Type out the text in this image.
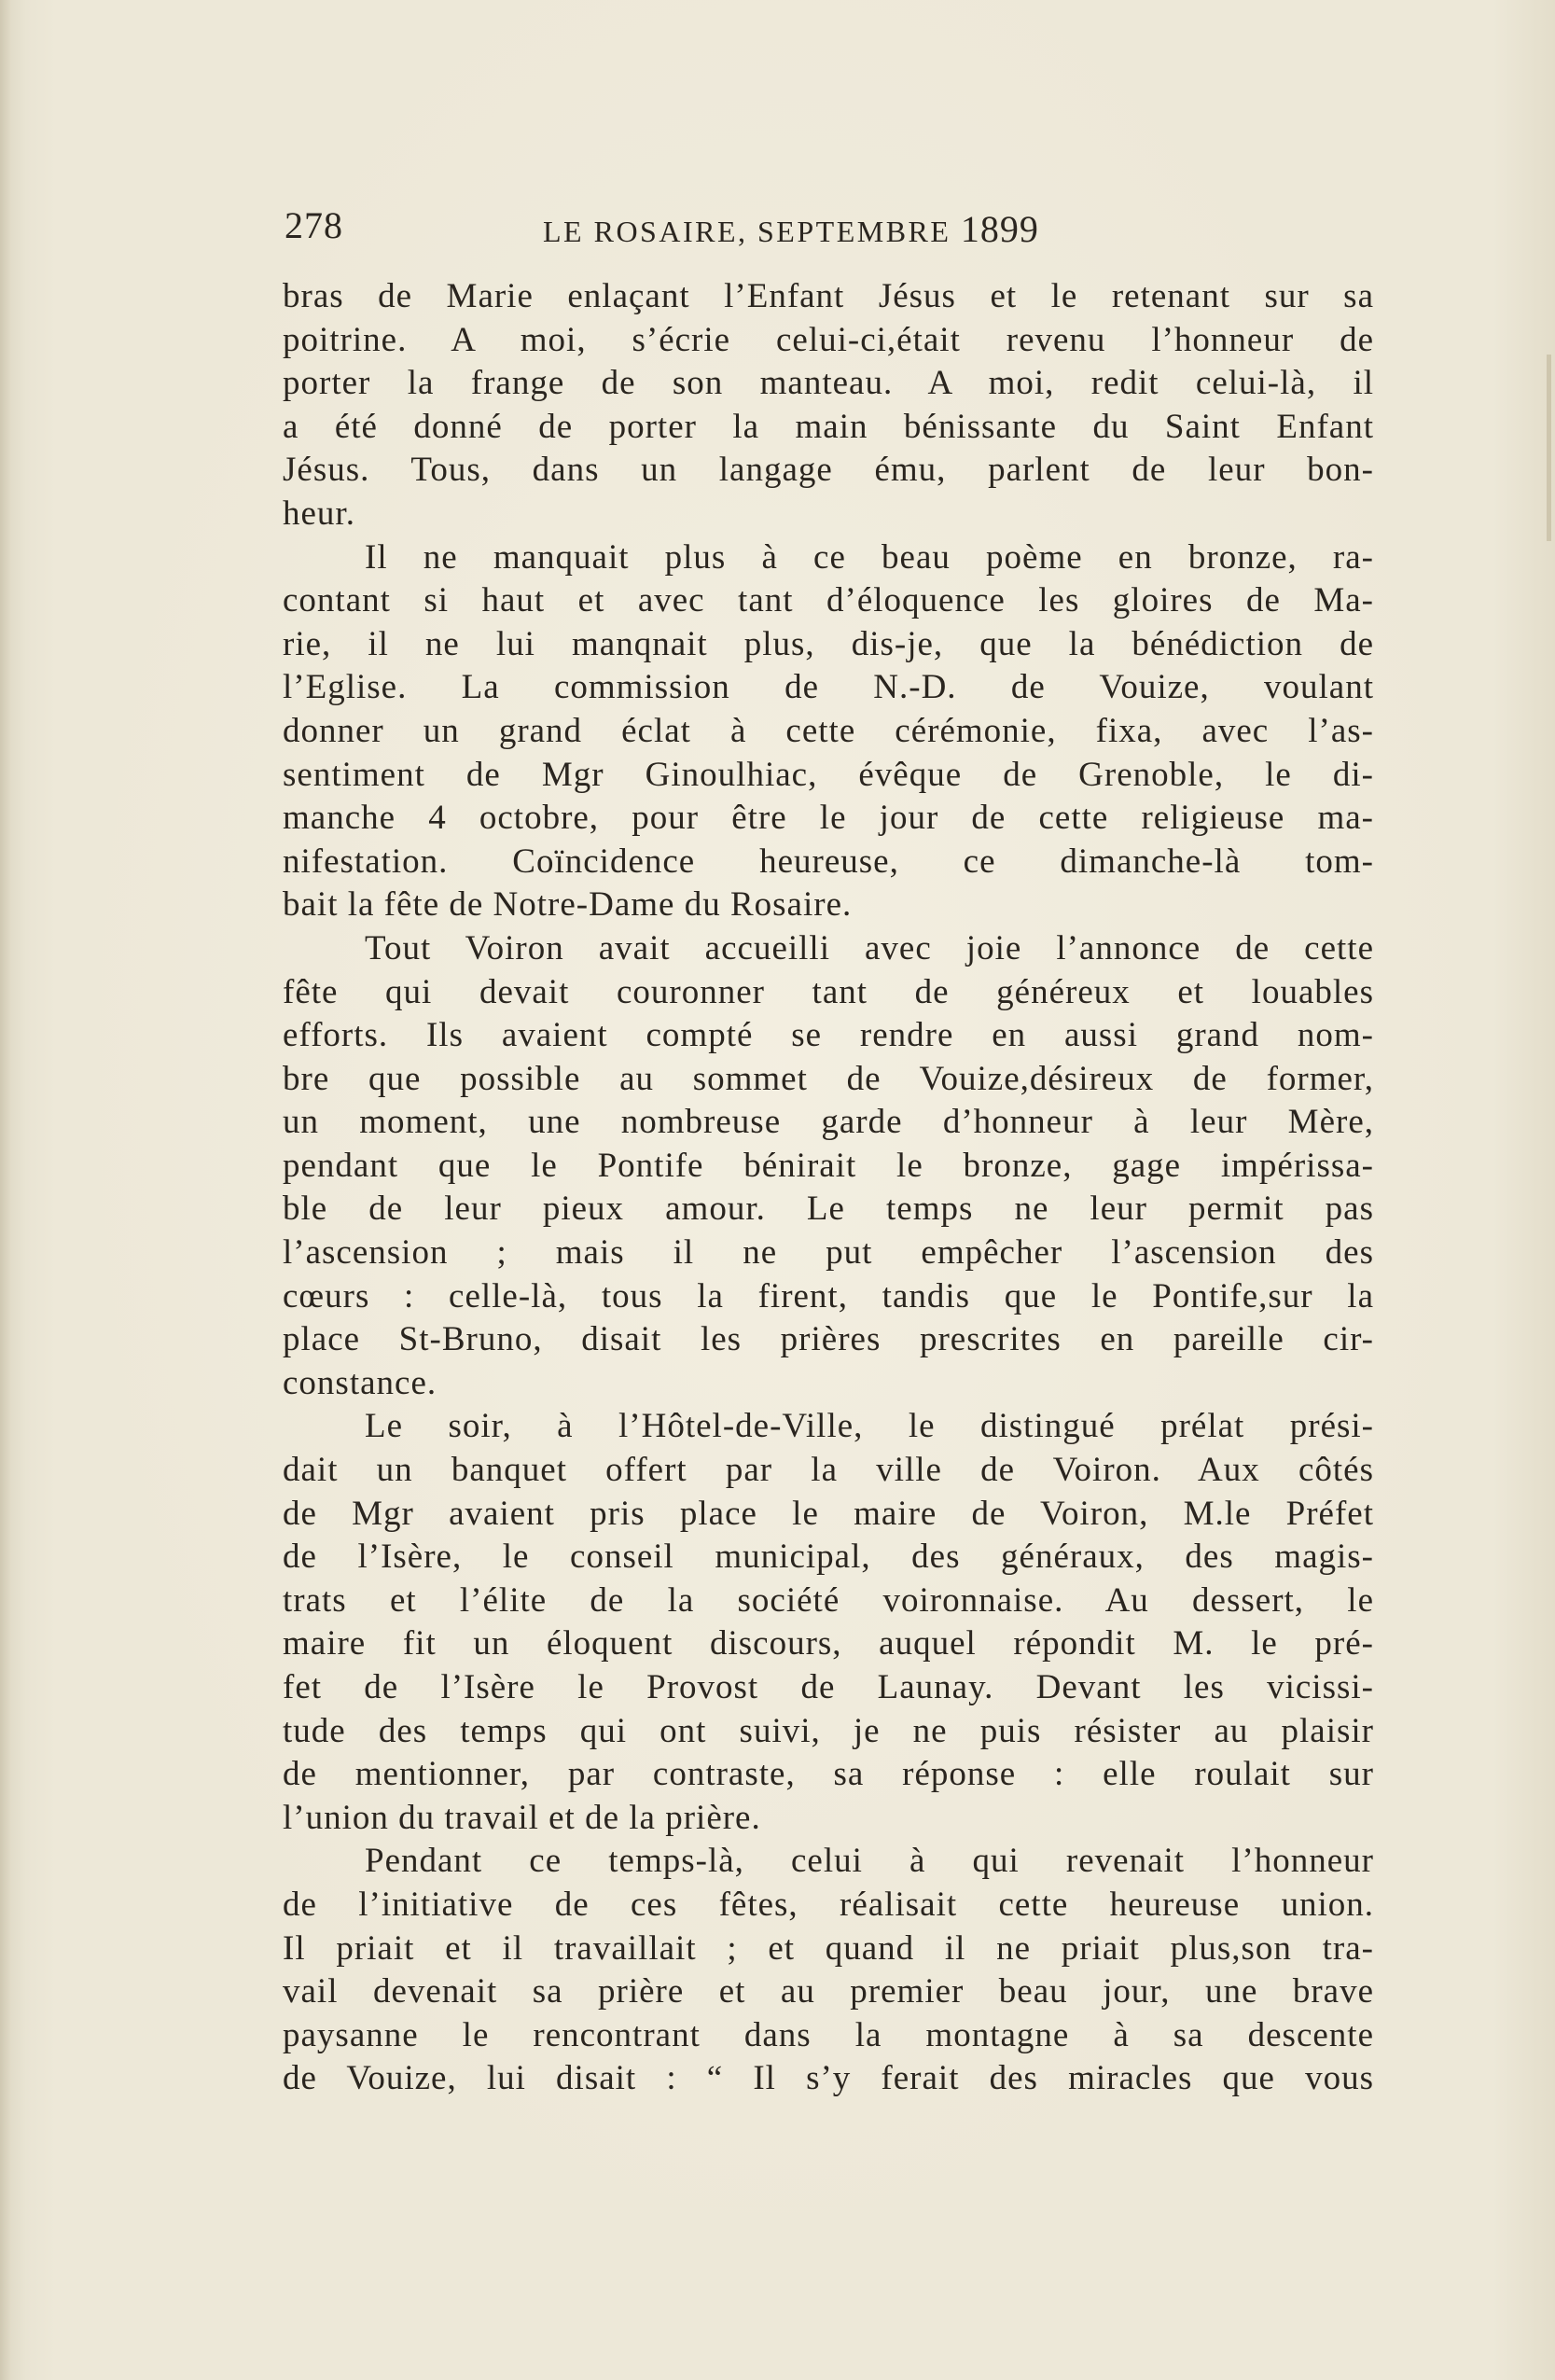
278	LE ROSAIRE, SEPTEMBRE 1899
bras de Marie enlaçant l’Enfant Jésus et le retenant sur sa
poitrine. A moi, s’écrie celui-ci,était revenu l’honneur de
porter la frange de son manteau. A moi, redit celui-là, il
a été donné de porter la main bénissante du Saint Enfant
Jésus. Tous, dans un langage ému, parlent de leur bon-
heur.
Il ne manquait plus à ce beau poème en bronze, ra-
contant si haut et avec tant d’éloquence les gloires de Ma-
rie, il ne lui manqnait plus, dis-je, que la bénédiction de
l’Eglise. La commission de N.-D. de Vouize, voulant
donner un grand éclat à cette cérémonie, fixa, avec l’as-
sentiment de Mgr Ginoulhiac, évêque de Grenoble, le di-
manche 4 octobre, pour être le jour de cette religieuse ma-
nifestation. Coïncidence heureuse, ce dimanche-là tom-
bait la fête de Notre-Dame du Rosaire.
Tout Voiron avait accueilli avec joie l’annonce de cette
fête qui devait couronner tant de généreux et louables
efforts. Ils avaient compté se rendre en aussi grand nom-
bre que possible au sommet de Vouize,désireux de former,
un moment, une nombreuse garde d’honneur à leur Mère,
pendant que le Pontife bénirait le bronze, gage impérissa-
ble de leur pieux amour. Le temps ne leur permit pas
l’ascension ; mais il ne put empêcher l’ascension des
cœurs : celle-là, tous la firent, tandis que le Pontife,sur la
place St-Bruno, disait les prières prescrites en pareille cir-
constance.
Le soir, à l’Hôtel-de-Ville, le distingué prélat prési-
dait un banquet offert par la ville de Voiron. Aux côtés
de Mgr avaient pris place le maire de Voiron, M.le Préfet
de l’Isère, le conseil municipal, des généraux, des magis-
trats et l’élite de la société voironnaise. Au dessert, le
maire fit un éloquent discours, auquel répondit M. le pré-
fet de l’Isère le Provost de Launay. Devant les vicissi-
tude des temps qui ont suivi, je ne puis résister au plaisir
de mentionner, par contraste, sa réponse : elle roulait sur
l’union du travail et de la prière.
Pendant ce temps-là, celui à qui revenait l’honneur
de l’initiative de ces fêtes, réalisait cette heureuse union.
Il priait et il travaillait ; et quand il ne priait plus,son tra-
vail devenait sa prière et au premier beau jour, une brave
paysanne le rencontrant dans la montagne à sa descente
de Vouize, lui disait : “ Il s’y ferait des miracles que vous
